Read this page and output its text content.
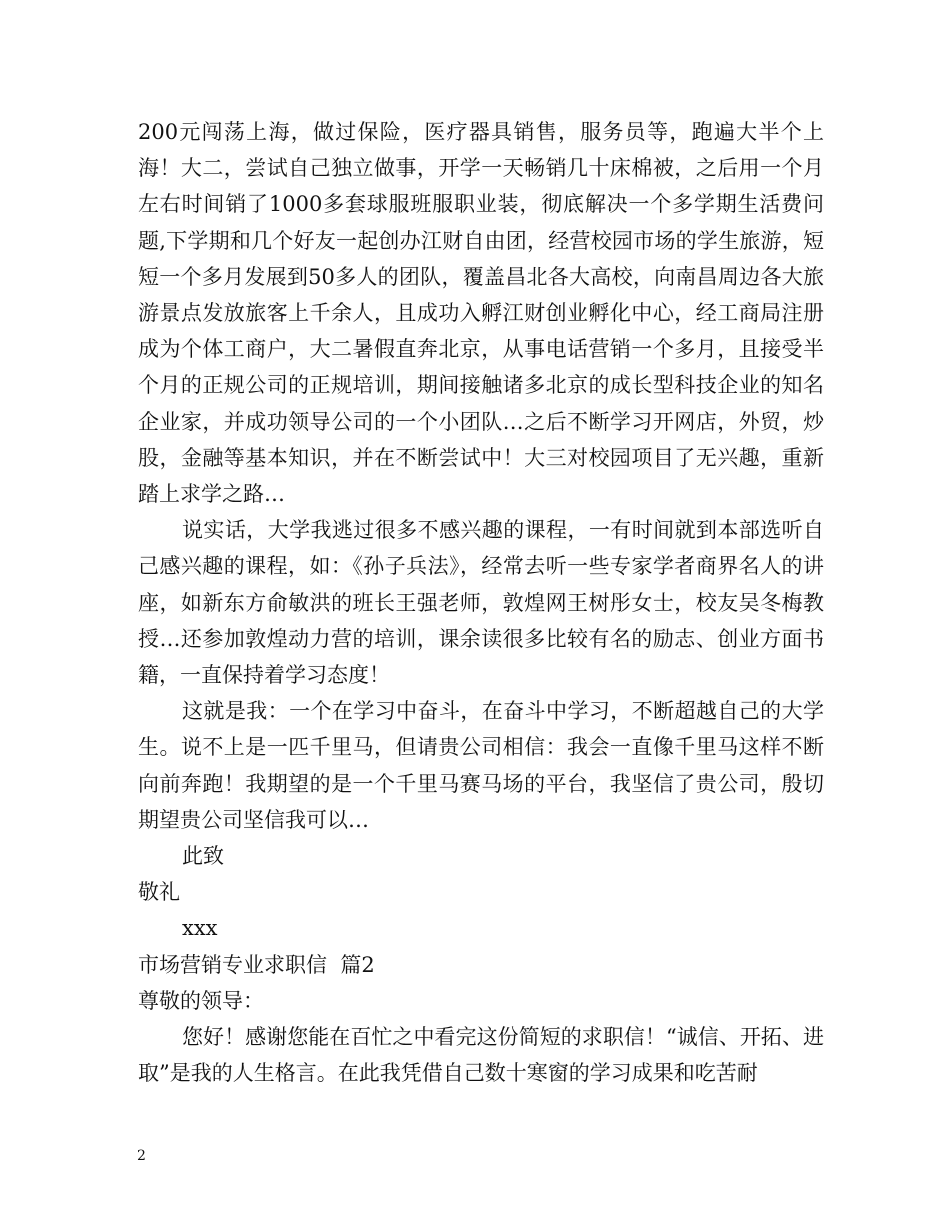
200元闯荡上海，做过保险，医疗器具销售，服务员等，跑遍大半个上海！大二，尝试自己独立做事，开学一天畅销几十床棉被，之后用一个月左右时间销了1000多套球服班服职业装，彻底解决一个多学期生活费问题,下学期和几个好友一起创办江财自由团，经营校园市场的学生旅游，短短一个多月发展到50多人的团队，覆盖昌北各大高校，向南昌周边各大旅游景点发放旅客上千余人，且成功入孵江财创业孵化中心，经工商局注册成为个体工商户，大二暑假直奔北京，从事电话营销一个多月，且接受半个月的正规公司的正规培训，期间接触诸多北京的成长型科技企业的知名企业家，并成功领导公司的一个小团队…之后不断学习开网店，外贸，炒股，金融等基本知识，并在不断尝试中！大三对校园项目了无兴趣，重新踏上求学之路…

说实话，大学我逃过很多不感兴趣的课程，一有时间就到本部选听自己感兴趣的课程，如：《孙子兵法》，经常去听一些专家学者商界名人的讲座，如新东方俞敏洪的班长王强老师，敦煌网王树彤女士，校友吴冬梅教授…还参加敦煌动力营的培训，课余读很多比较有名的励志、创业方面书籍，一直保持着学习态度！

这就是我：一个在学习中奋斗，在奋斗中学习，不断超越自己的大学生。说不上是一匹千里马，但请贵公司相信：我会一直像千里马这样不断向前奔跑！我期望的是一个千里马赛马场的平台，我坚信了贵公司，殷切期望贵公司坚信我可以…

此致

敬礼

xxx

市场营销专业求职信  篇2

尊敬的领导：

您好！感谢您能在百忙之中看完这份简短的求职信！“诚信、开拓、进取”是我的人生格言。在此我凭借自己数十寒窗的学习成果和吃苦耐

2
